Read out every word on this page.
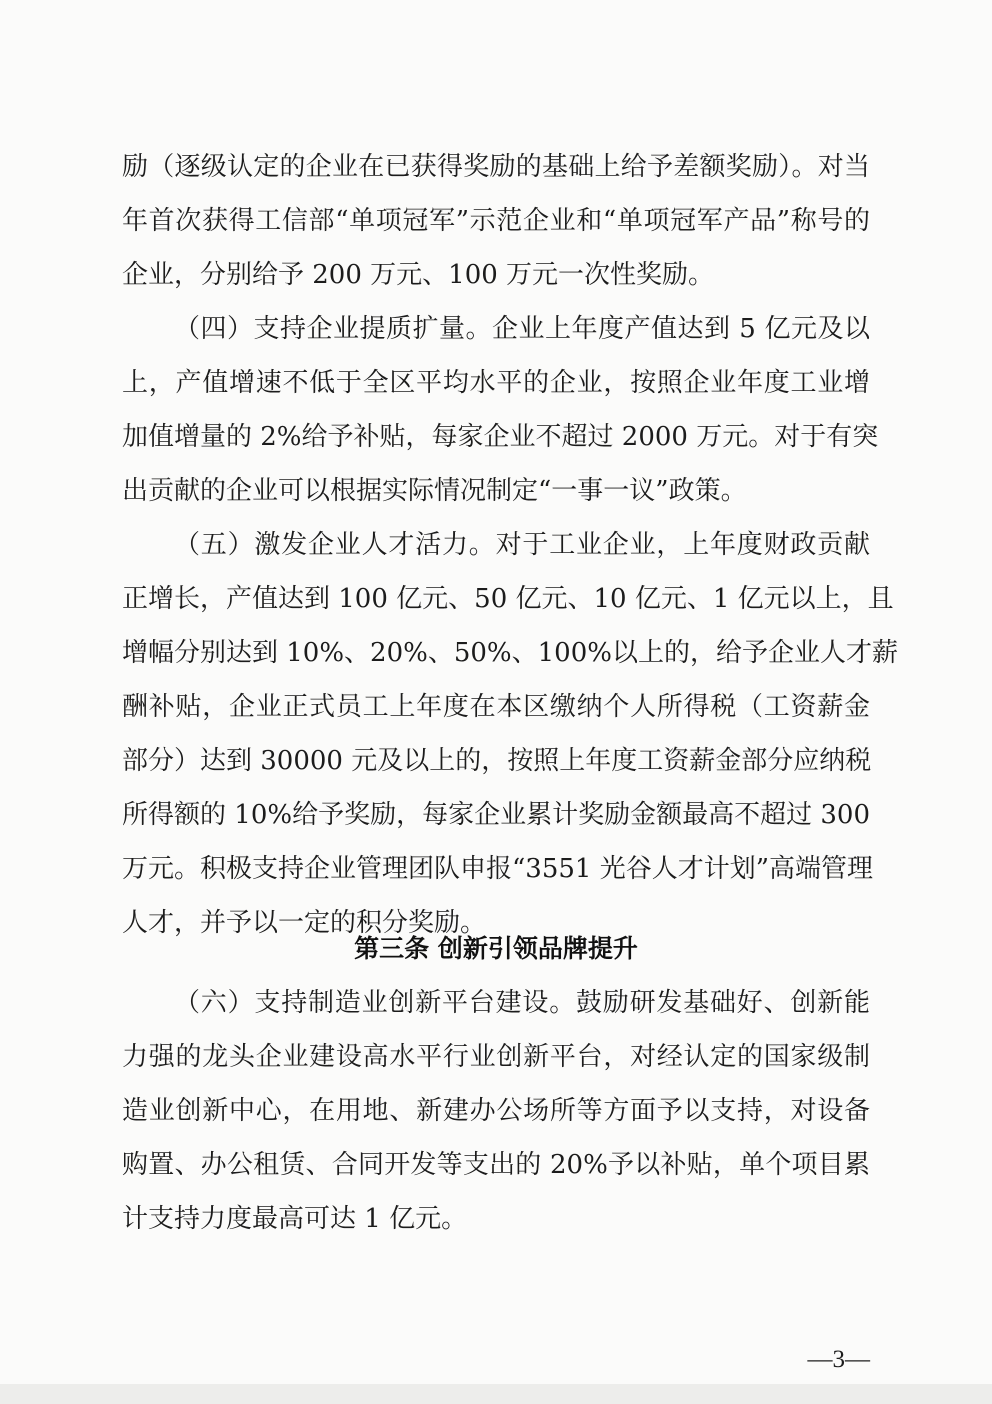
励（逐级认定的企业在已获得奖励的基础上给予差额奖励）。对当
年首次获得工信部“单项冠军”示范企业和“单项冠军产品”称号的
企业，分别给予 200 万元、100 万元一次性奖励。
（四）支持企业提质扩量。企业上年度产值达到 5 亿元及以
上，产值增速不低于全区平均水平的企业，按照企业年度工业增
加值增量的 2%给予补贴，每家企业不超过 2000 万元。对于有突
出贡献的企业可以根据实际情况制定“一事一议”政策。
（五）激发企业人才活力。对于工业企业，上年度财政贡献
正增长，产值达到 100 亿元、50 亿元、10 亿元、1 亿元以上，且
增幅分别达到 10%、20%、50%、100%以上的，给予企业人才薪
酬补贴，企业正式员工上年度在本区缴纳个人所得税（工资薪金
部分）达到 30000 元及以上的，按照上年度工资薪金部分应纳税
所得额的 10%给予奖励，每家企业累计奖励金额最高不超过 300
万元。积极支持企业管理团队申报“3551 光谷人才计划”高端管理
人才，并予以一定的积分奖励。
第三条 创新引领品牌提升
（六）支持制造业创新平台建设。鼓励研发基础好、创新能
力强的龙头企业建设高水平行业创新平台，对经认定的国家级制
造业创新中心，在用地、新建办公场所等方面予以支持，对设备
购置、办公租赁、合同开发等支出的 20%予以补贴，单个项目累
计支持力度最高可达 1 亿元。
—3—
